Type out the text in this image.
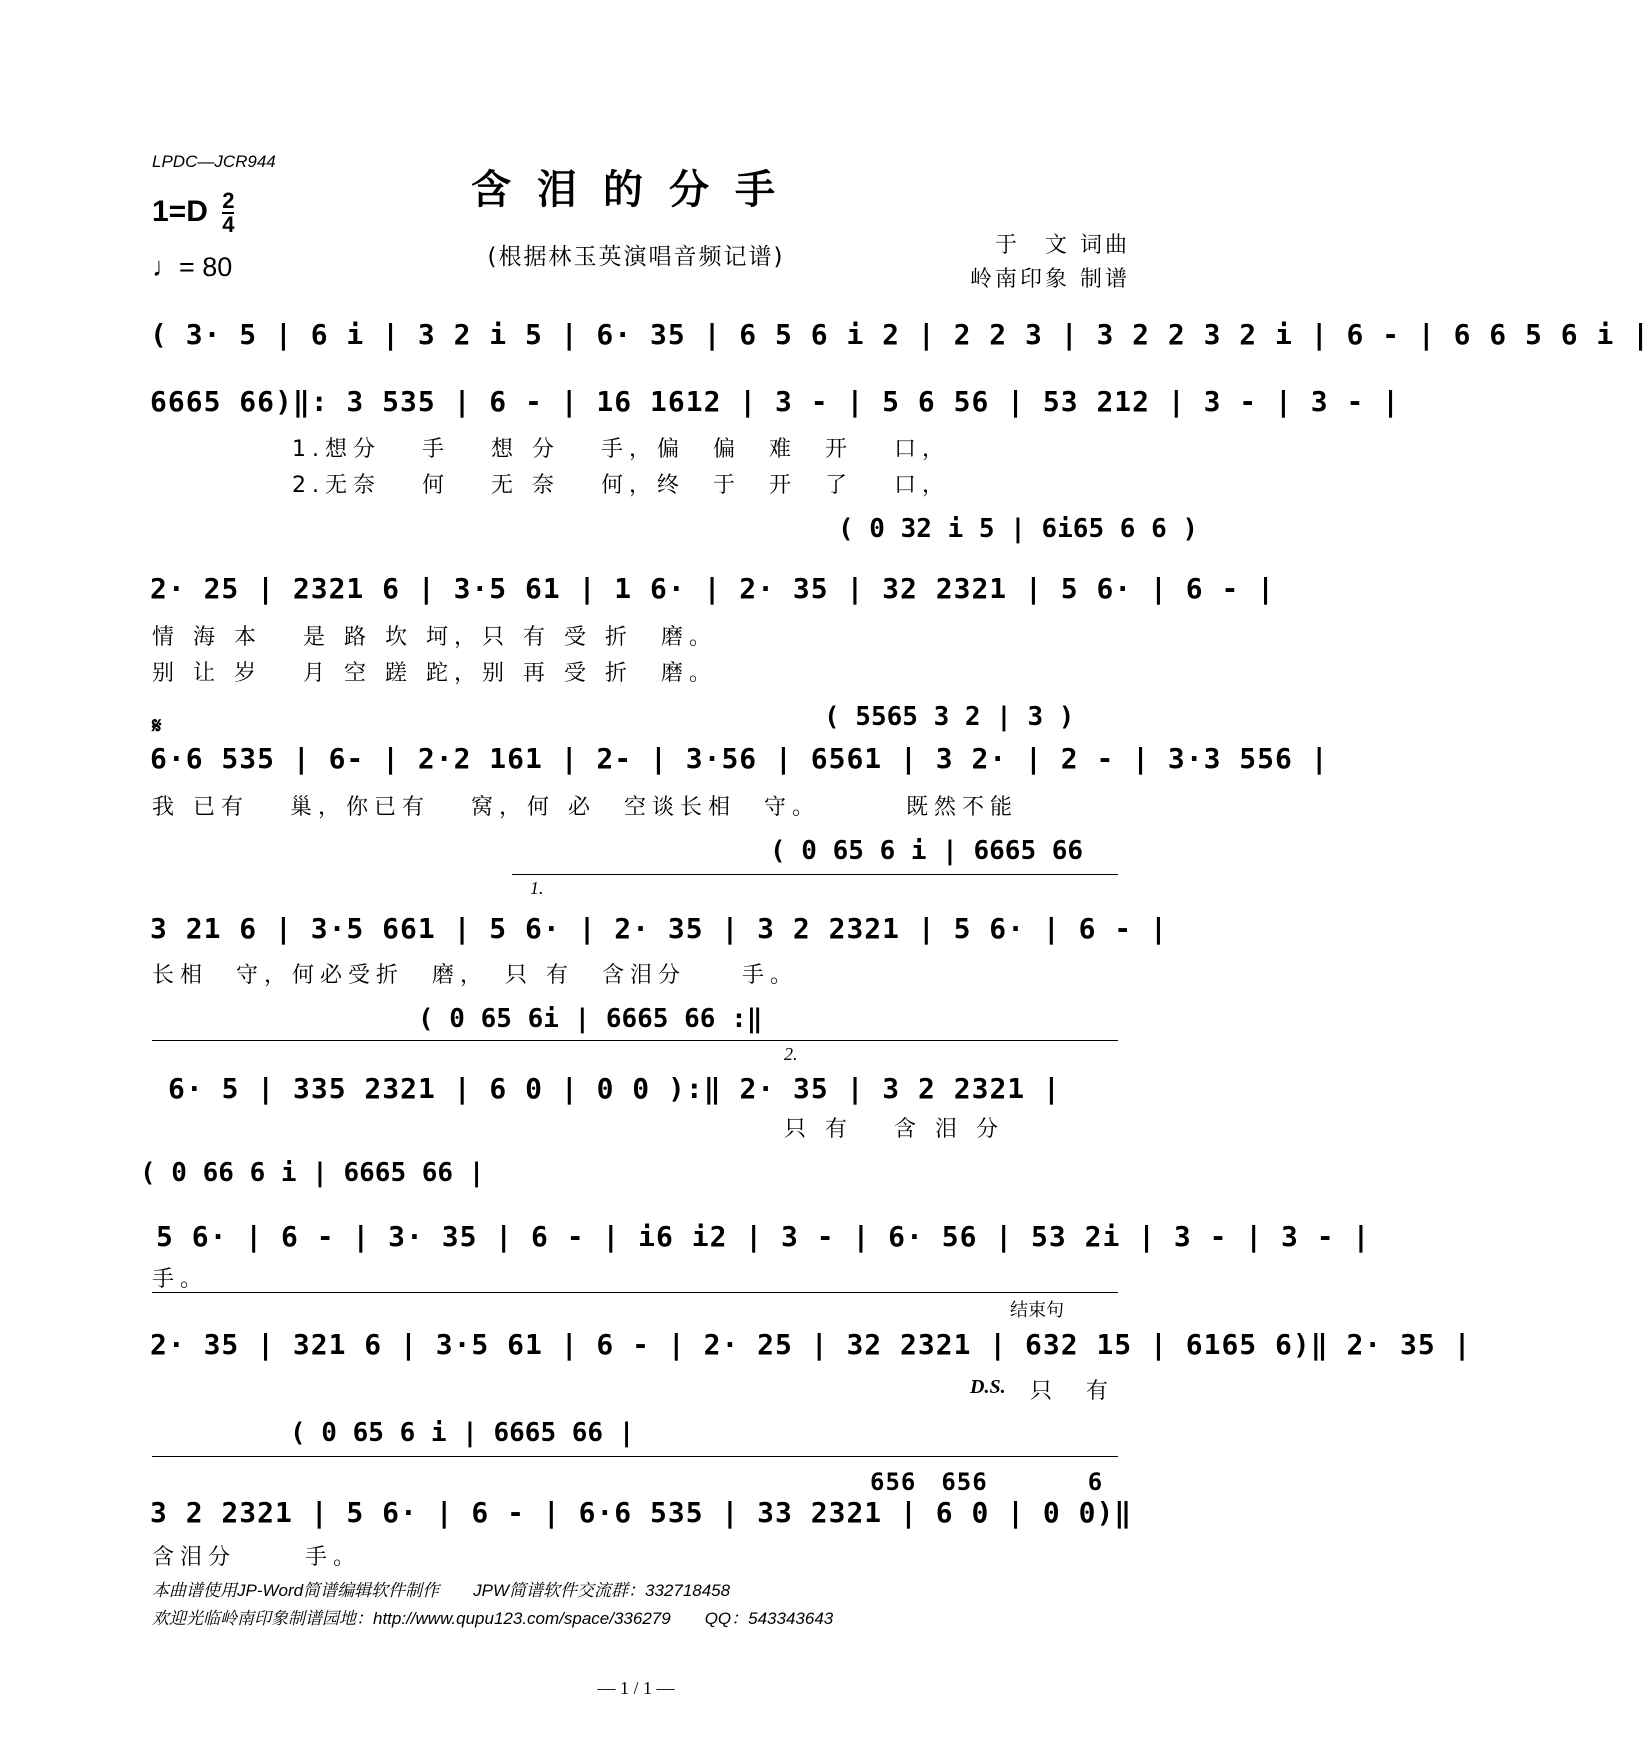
LPDC—JCR944
含泪的分手
$1=D \frac{2}{4}$
♩= 80	(根据林玉英演唱音频记谱)	于　文 词曲
岭南印象 制谱
( 3· 5 | 6 i | 3 2 i 5 | 6· 35 | 6 5 6 i 2 | 2 2 3 | 3 2 2 3 2 i | 6 - | 6 6 5 6 i |
6665 66)‖: 3 535 | 6 - | 16 1612 | 3 - | 5 6 56 | 53 212 | 3 - | 3 - |
1.想分　 手 　想 分　 手，偏　偏　难　开　 口，
2.无奈　 何 　无 奈　 何，终　于　开　了　 口，
( 0 32 i 5 | 6i65 6 6 )
2· 25 | 2321 6 | 3·5 61 | 1 6· | 2· 35 | 32 2321 | 5 6· | 6 - |
情 海 本　 是 路 坎 坷，只 有 受 折　磨。
别 让 岁　 月 空 蹉 跎，别 再 受 折　磨。
( 5565 3 2 | 3 )
𝄋
6·6 535 | 6- | 2·2 161 | 2- | 3·56 | 6561 | 3 2· | 2 - | 3·3 556 |
我 已有　 巢，你已有　 窝，何 必　空谈长相　守。　　　 既然不能
( 0 65 6 i | 6665 66
1.
3 21 6 | 3·5 661 | 5 6· | 2· 35 | 3 2 2321 | 5 6· | 6 - |
长相　守，何必受折　磨，　只 有　含泪分　　手。
( 0 65 6i | 6665 66 :‖
2.
6· 5 | 335 2321 | 6 0 | 0 0 ):‖ 2· 35 | 3 2 2321 |
只 有　 含 泪 分
( 0 66 6 i | 6665 66 |
5 6· | 6 - | 3· 35 | 6 - | i6 i2 | 3 - | 6· 56 | 53 2i | 3 - | 3 - |
手。
结束句
2· 35 | 321 6 | 3·5 61 | 6 - | 2· 25 | 32 2321 | 632 15 | 6165 6)‖ 2· 35 |
D.S. 只　有
( 0 65 6 i | 6665 66 |
656　656　　　　6
3 2 2321 | 5 6· | 6 - | 6·6 535 | 33 2321 | 6 0 | 0 0)‖
含泪分　　 手。
本曲谱使用JP-Word简谱编辑软件制作　　JPW简谱软件交流群：332718458
欢迎光临岭南印象制谱园地：http://www.qupu123.com/space/336279　　QQ：543343643
— 1 / 1 —
